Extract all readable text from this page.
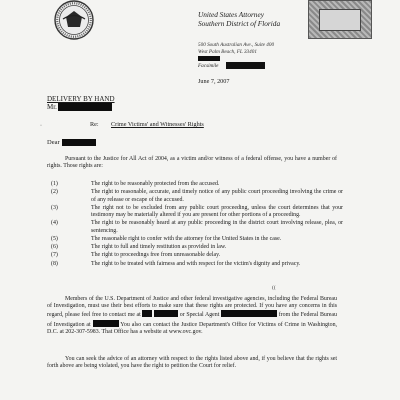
United States Attorney
Southern District of Florida
500 South Australian Ave., Suite 400
West Palm Beach, FL 33401
Facsimile
June 7, 2007
DELIVERY BY HAND
Mr.
·	Re: Crime Victims' and Witnesses' Rights
Dear
Pursuant to the Justice for All Act of 2004, as a victim and/or witness of a federal offense, you have a number of rights. Those rights are:
(1)	The right to be reasonably protected from the accused.
(2)	The right to reasonable, accurate, and timely notice of any public court proceeding involving the crime or of any release or escape of the accused.
(3)	The right not to be excluded from any public court proceeding, unless the court determines that your testimony may be materially altered if you are present for other portions of a proceeding.
(4)	The right to be reasonably heard at any public proceeding in the district court involving release, plea, or sentencing.
(5)	The reasonable right to confer with the attorney for the United States in the case.
(6)	The right to full and timely restitution as provided in law.
(7)	The right to proceedings free from unreasonable delay.
(8)	The right to be treated with fairness and with respect for the victim's dignity and privacy.
((
Members of the U.S. Department of Justice and other federal investigative agencies, including the Federal Bureau of Investigation, must use their best efforts to make sure that these rights are protected. If you have any concerns in this regard, please feel free to contact me at	or Special Agent	from the Federal Bureau of Investigation at	You also can contact the Justice Department's Office for Victims of Crime in Washington, D.C. at 202-307-5983. That Office has a website at www.ovc.gov.
You can seek the advice of an attorney with respect to the rights listed above and, if you believe that the rights set forth above are being violated, you have the right to petition the Court for relief.
